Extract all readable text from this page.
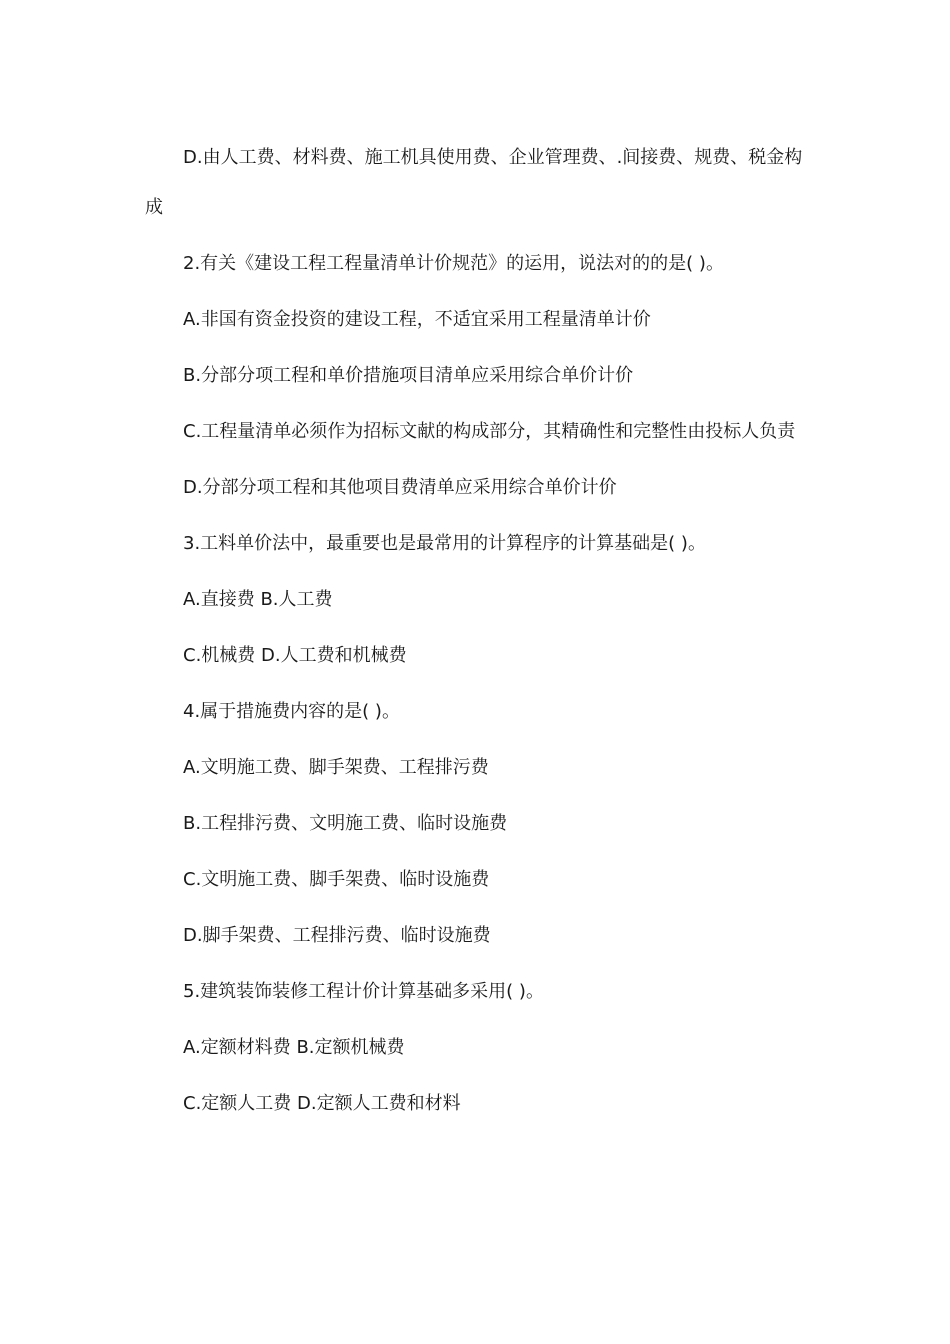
D.由人工费、材料费、施工机具使用费、企业管理费、.间接费、规费、税金构成

2.有关《建设工程工程量清单计价规范》的运用，说法对的的是( )。

A.非国有资金投资的建设工程，不适宜采用工程量清单计价

B.分部分项工程和单价措施项目清单应采用综合单价计价

C.工程量清单必须作为招标文献的构成部分，其精确性和完整性由投标人负责

D.分部分项工程和其他项目费清单应采用综合单价计价

3.工料单价法中，最重要也是最常用的计算程序的计算基础是( )。

A.直接费 B.人工费

C.机械费 D.人工费和机械费

4.属于措施费内容的是( )。

A.文明施工费、脚手架费、工程排污费

B.工程排污费、文明施工费、临时设施费

C.文明施工费、脚手架费、临时设施费

D.脚手架费、工程排污费、临时设施费

5.建筑装饰装修工程计价计算基础多采用( )。

A.定额材料费 B.定额机械费

C.定额人工费 D.定额人工费和材料
